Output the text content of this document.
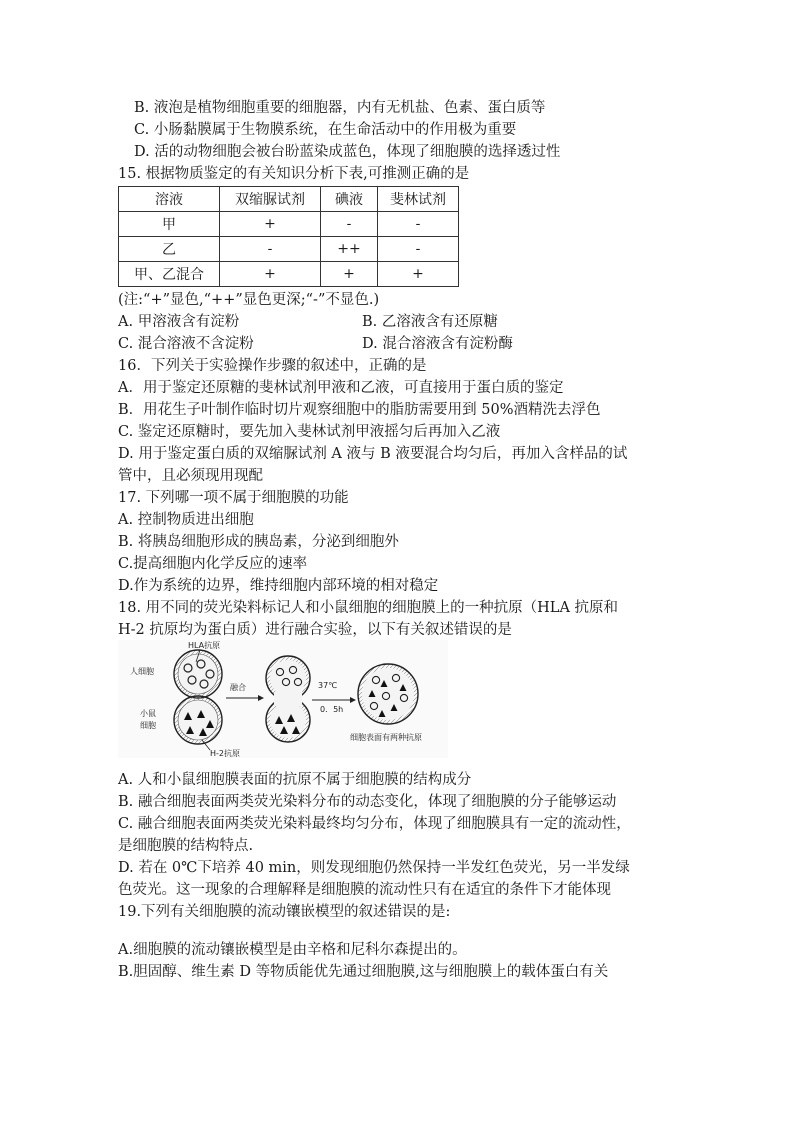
B. 液泡是植物细胞重要的细胞器，内有无机盐、色素、蛋白质等
C. 小肠黏膜属于生物膜系统，在生命活动中的作用极为重要
D. 活的动物细胞会被台盼蓝染成蓝色，体现了细胞膜的选择透过性
15. 根据物质鉴定的有关知识分析下表,可推测正确的是
溶液	双缩脲试剂	碘液	斐林试剂
甲	+	-	-
乙	-	++	-
甲、乙混合	+	+	+
(注:“+”显色,“++”显色更深;“-”不显色.)
A. 甲溶液含有淀粉	B. 乙溶液含有还原糖
C. 混合溶液不含淀粉	D. 混合溶液含有淀粉酶
16．下列关于实验操作步骤的叙述中，正确的是
A．用于鉴定还原糖的斐林试剂甲液和乙液，可直接用于蛋白质的鉴定
B．用花生子叶制作临时切片观察细胞中的脂肪需要用到 50%酒精洗去浮色
C. 鉴定还原糖时，要先加入斐林试剂甲液摇匀后再加入乙液
D. 用于鉴定蛋白质的双缩脲试剂 A 液与 B 液要混合均匀后，再加入含样品的试
管中，且必须现用现配
17. 下列哪一项不属于细胞膜的功能
A. 控制物质进出细胞
B. 将胰岛细胞形成的胰岛素，分泌到细胞外
C.提高细胞内化学反应的速率
D.作为系统的边界，维持细胞内部环境的相对稳定
18. 用不同的荧光染料标记人和小鼠细胞的细胞膜上的一种抗原（HLA 抗原和
H-2 抗原均为蛋白质）进行融合实验，以下有关叙述错误的是
人细胞
HLA抗原
小鼠
细胞
H-2抗原
融合	37℃
0．5h
细胞表面有两种抗原
A. 人和小鼠细胞膜表面的抗原不属于细胞膜的结构成分
B. 融合细胞表面两类荧光染料分布的动态变化，体现了细胞膜的分子能够运动
C. 融合细胞表面两类荧光染料最终均匀分布，体现了细胞膜具有一定的流动性，
是细胞膜的结构特点.
D. 若在 0℃下培养 40 min，则发现细胞仍然保持一半发红色荧光，另一半发绿
色荧光。这一现象的合理解释是细胞膜的流动性只有在适宜的条件下才能体现
19.下列有关细胞膜的流动镶嵌模型的叙述错误的是:
A.细胞膜的流动镶嵌模型是由辛格和尼科尔森提出的。
B.胆固醇、维生素 D 等物质能优先通过细胞膜,这与细胞膜上的载体蛋白有关
